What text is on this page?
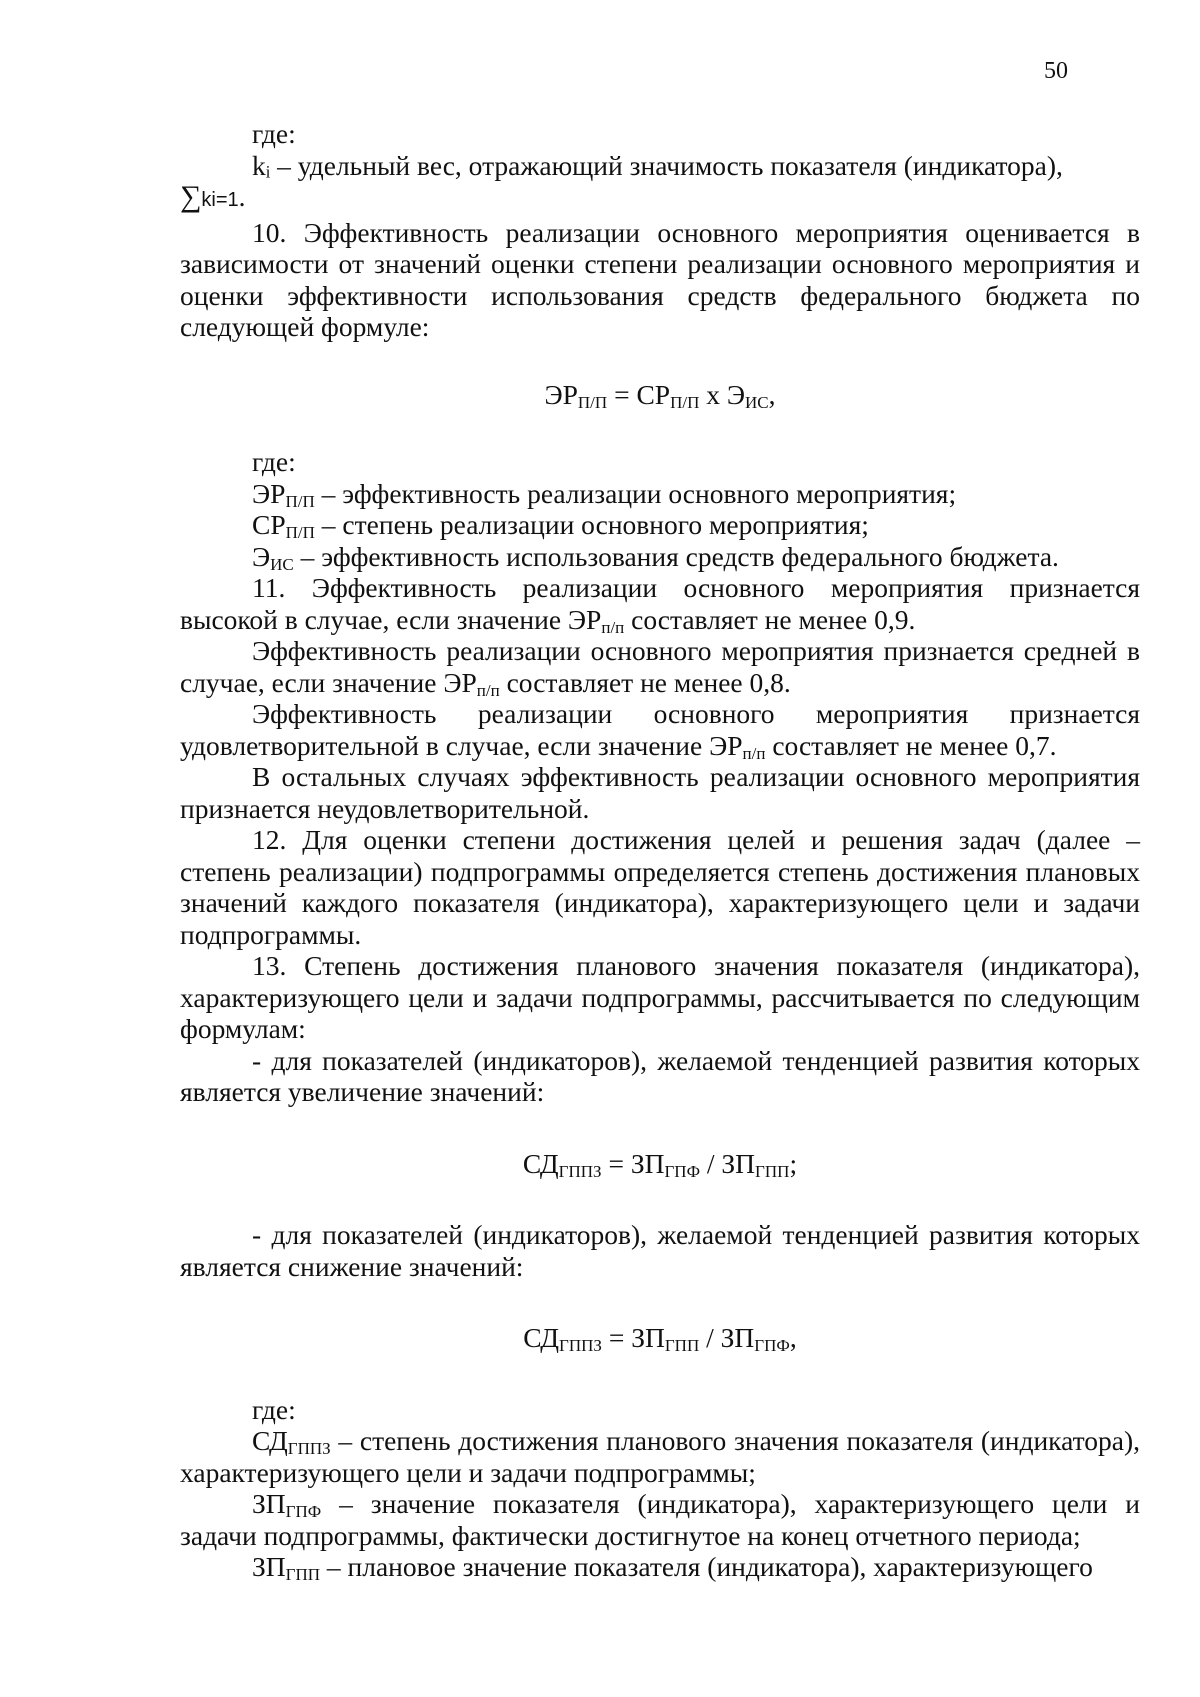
50

где:

kᵢ – удельный вес, отражающий значимость показателя (индикатора),

∑ki=1.

10. Эффективность реализации основного мероприятия оценивается в зависимости от значений оценки степени реализации основного мероприятия и оценки эффективности использования средств федерального бюджета по следующей формуле:

$ЭР_{П/П} = СР_{П/П}$ х $Э_{ИС}$,

где:

$ЭР_{П/П}$ – эффективность реализации основного мероприятия;

$СР_{П/П}$ – степень реализации основного мероприятия;

$Э_{ИС}$ – эффективность использования средств федерального бюджета.

11. Эффективность реализации основного мероприятия признается высокой в случае, если значение $ЭР_{п/п}$ составляет не менее 0,9.

Эффективность реализации основного мероприятия признается средней в случае, если значение $ЭР_{п/п}$ составляет не менее 0,8.

Эффективность реализации основного мероприятия признается удовлетворительной в случае, если значение $ЭР_{п/п}$ составляет не менее 0,7.

В остальных случаях эффективность реализации основного мероприятия признается неудовлетворительной.

12. Для оценки степени достижения целей и решения задач (далее – степень реализации) подпрограммы определяется степень достижения плановых значений каждого показателя (индикатора), характеризующего цели и задачи подпрограммы.

13. Степень достижения планового значения показателя (индикатора), характеризующего цели и задачи подпрограммы, рассчитывается по следующим формулам:

- для показателей (индикаторов), желаемой тенденцией развития которых является увеличение значений:

$СД_{ГППЗ} = ЗП_{ГПФ} / ЗП_{ГПП}$;

- для показателей (индикаторов), желаемой тенденцией развития которых является снижение значений:

$СД_{ГППЗ} = ЗП_{ГПП} / ЗП_{ГПФ}$,

где:

$СД_{ГППЗ}$ – степень достижения планового значения показателя (индикатора), характеризующего цели и задачи подпрограммы;

$ЗП_{ГПФ}$ – значение показателя (индикатора), характеризующего цели и задачи подпрограммы, фактически достигнутое на конец отчетного периода;

$ЗП_{ГПП}$ – плановое значение показателя (индикатора), характеризующего
